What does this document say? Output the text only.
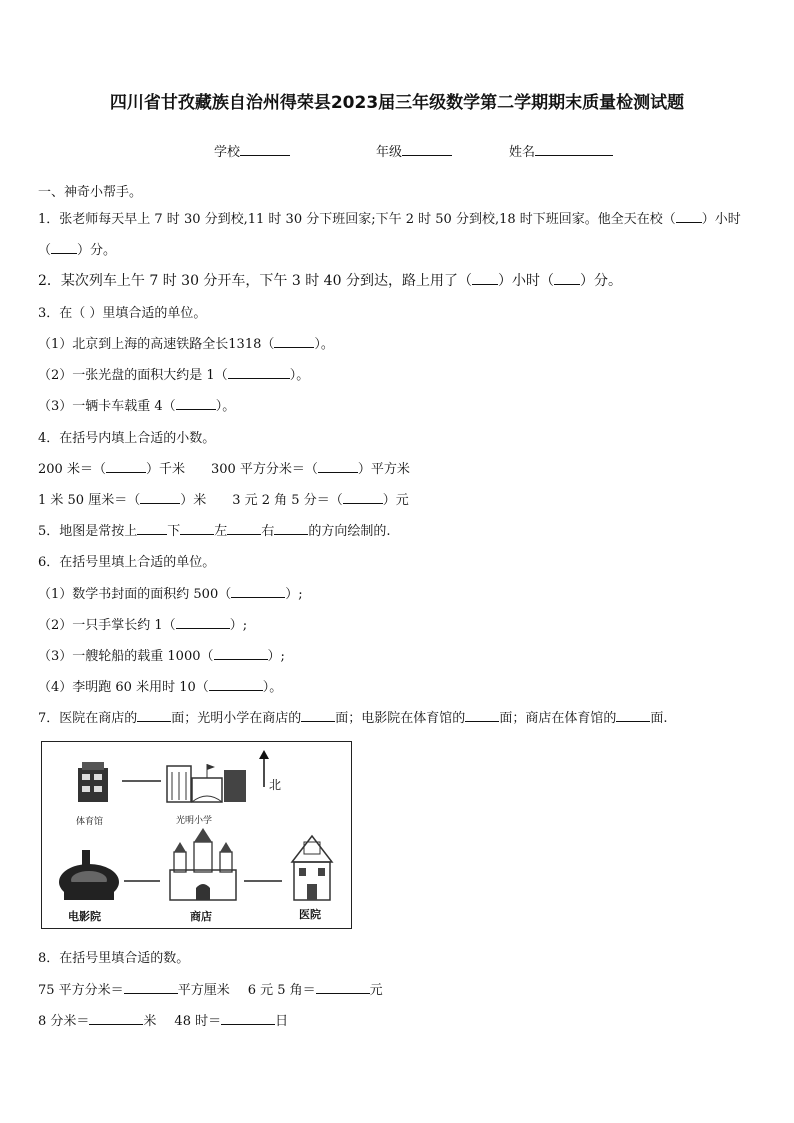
四川省甘孜藏族自治州得荣县2023届三年级数学第二学期期末质量检测试题
学校	年级	姓名
一、神奇小帮手。
1．张老师每天早上 7 时 30 分到校,11 时 30 分下班回家;下午 2 时 50 分到校,18 时下班回家。他全天在校（ ）小时
（ ）分。
2．某次列车上午 7 时 30 分开车，下午 3 时 40 分到达，路上用了（ ）小时（ ）分。
3．在（ ）里填合适的单位。
（1）北京到上海的高速铁路全长1318（	）。
（2）一张光盘的面积大约是 1（	）。
（3）一辆卡车载重 4（	）。
4．在括号内填上合适的小数。
200 米＝（	）千米 300 平方分米＝（	）平方米
1 米 50 厘米＝（	）米 3 元 2 角 5 分＝（	）元
5．地图是常按上 下	左	右	的方向绘制的.
6．在括号里填上合适的单位。
（1）数学书封面的面积约 500（	）;
（2）一只手掌长约 1（	）;
（3）一艘轮船的载重 1000（	）;
（4）李明跑 60 米用时 10（	）。
7．医院在商店的	面；光明小学在商店的	面；电影院在体育馆的	面；商店在体育馆的	面.
北
体育馆	光明小学
电影院	商店	医院
8．在括号里填合适的数。
75 平方分米＝	平方厘米 6 元 5 角＝	元
8 分米＝	米 48 时＝	日
